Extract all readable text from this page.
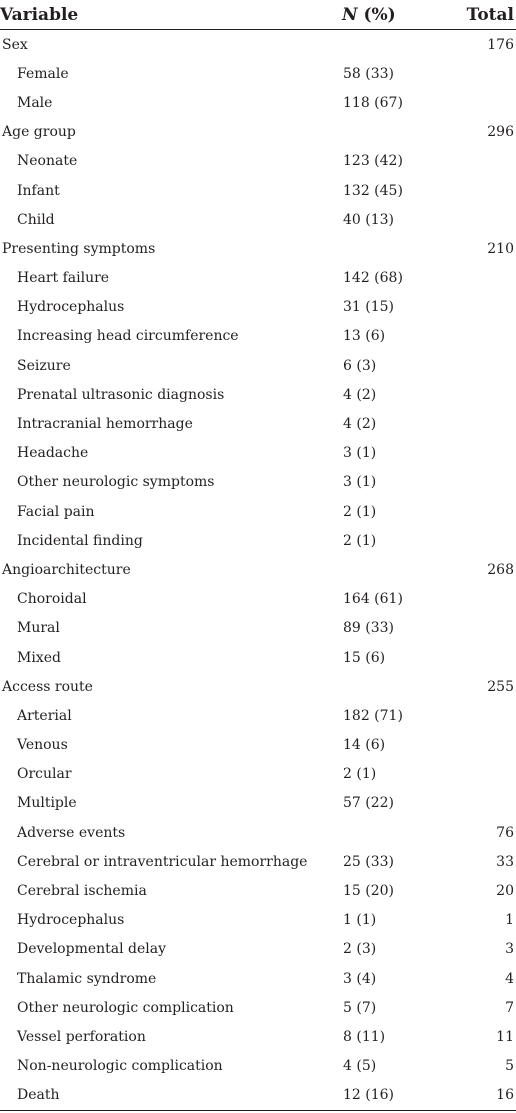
Variable	N (%)	Total
Sex		176
Female	58 (33)	
Male	118 (67)	
Age group		296
Neonate	123 (42)	
Infant	132 (45)	
Child	40 (13)	
Presenting symptoms		210
Heart failure	142 (68)	
Hydrocephalus	31 (15)	
Increasing head circumference	13 (6)	
Seizure	6 (3)	
Prenatal ultrasonic diagnosis	4 (2)	
Intracranial hemorrhage	4 (2)	
Headache	3 (1)	
Other neurologic symptoms	3 (1)	
Facial pain	2 (1)	
Incidental finding	2 (1)	
Angioarchitecture		268
Choroidal	164 (61)	
Mural	89 (33)	
Mixed	15 (6)	
Access route		255
Arterial	182 (71)	
Venous	14 (6)	
Orcular	2 (1)	
Multiple	57 (22)	
Adverse events		76
Cerebral or intraventricular hemorrhage	25 (33)	33
Cerebral ischemia	15 (20)	20
Hydrocephalus	1 (1)	1
Developmental delay	2 (3)	3
Thalamic syndrome	3 (4)	4
Other neurologic complication	5 (7)	7
Vessel perforation	8 (11)	11
Non-neurologic complication	4 (5)	5
Death	12 (16)	16
